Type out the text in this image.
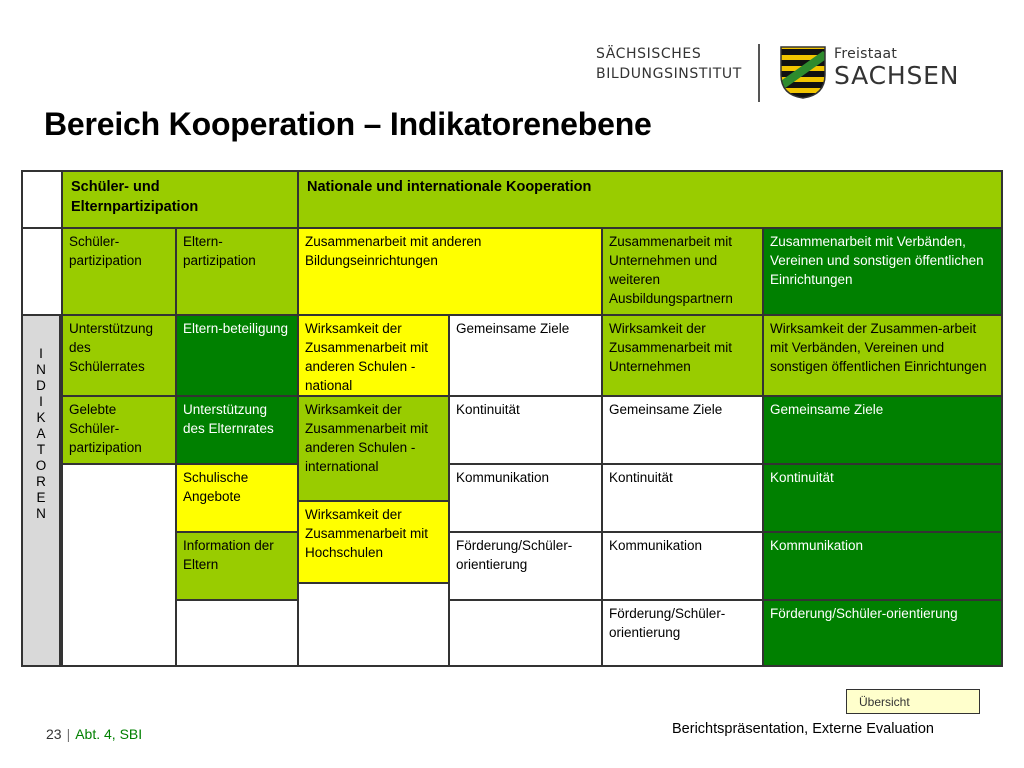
SÄCHSISCHES
BILDUNGSINSTITUT
Freistaat
SACHSEN
Bereich Kooperation – Indikatorenebene
Schüler- und Elternpartizipation
Nationale und internationale Kooperation
Schüler-partizipation
Eltern-partizipation
Zusammenarbeit mit anderen Bildungseinrichtungen
Zusammenarbeit mit Unternehmen und weiteren Ausbildungspartnern
Zusammenarbeit mit Verbänden, Vereinen und sonstigen öffentlichen Einrichtungen
I
N
D
I
K
A
T
O
R
E
N
Unterstützung des Schülerrates
Gelebte Schüler-partizipation
Eltern-beteiligung
Unterstützung des Elternrates
Schulische Angebote
Information der Eltern
Wirksamkeit der Zusammenarbeit mit anderen Schulen - national
Wirksamkeit der Zusammenarbeit mit anderen Schulen - international
Wirksamkeit der Zusammenarbeit mit Hochschulen
Gemeinsame Ziele
Kontinuität
Kommunikation
Förderung/Schüler-orientierung
Wirksamkeit der Zusammenarbeit mit Unternehmen
Gemeinsame Ziele
Kontinuität
Kommunikation
Förderung/Schüler-orientierung
Wirksamkeit der Zusammen-arbeit mit Verbänden, Vereinen und sonstigen öffentlichen Einrichtungen
Gemeinsame Ziele
Kontinuität
Kommunikation
Förderung/Schüler-orientierung
Übersicht
23 | Abt. 4, SBI	Berichtspräsentation, Externe Evaluation
